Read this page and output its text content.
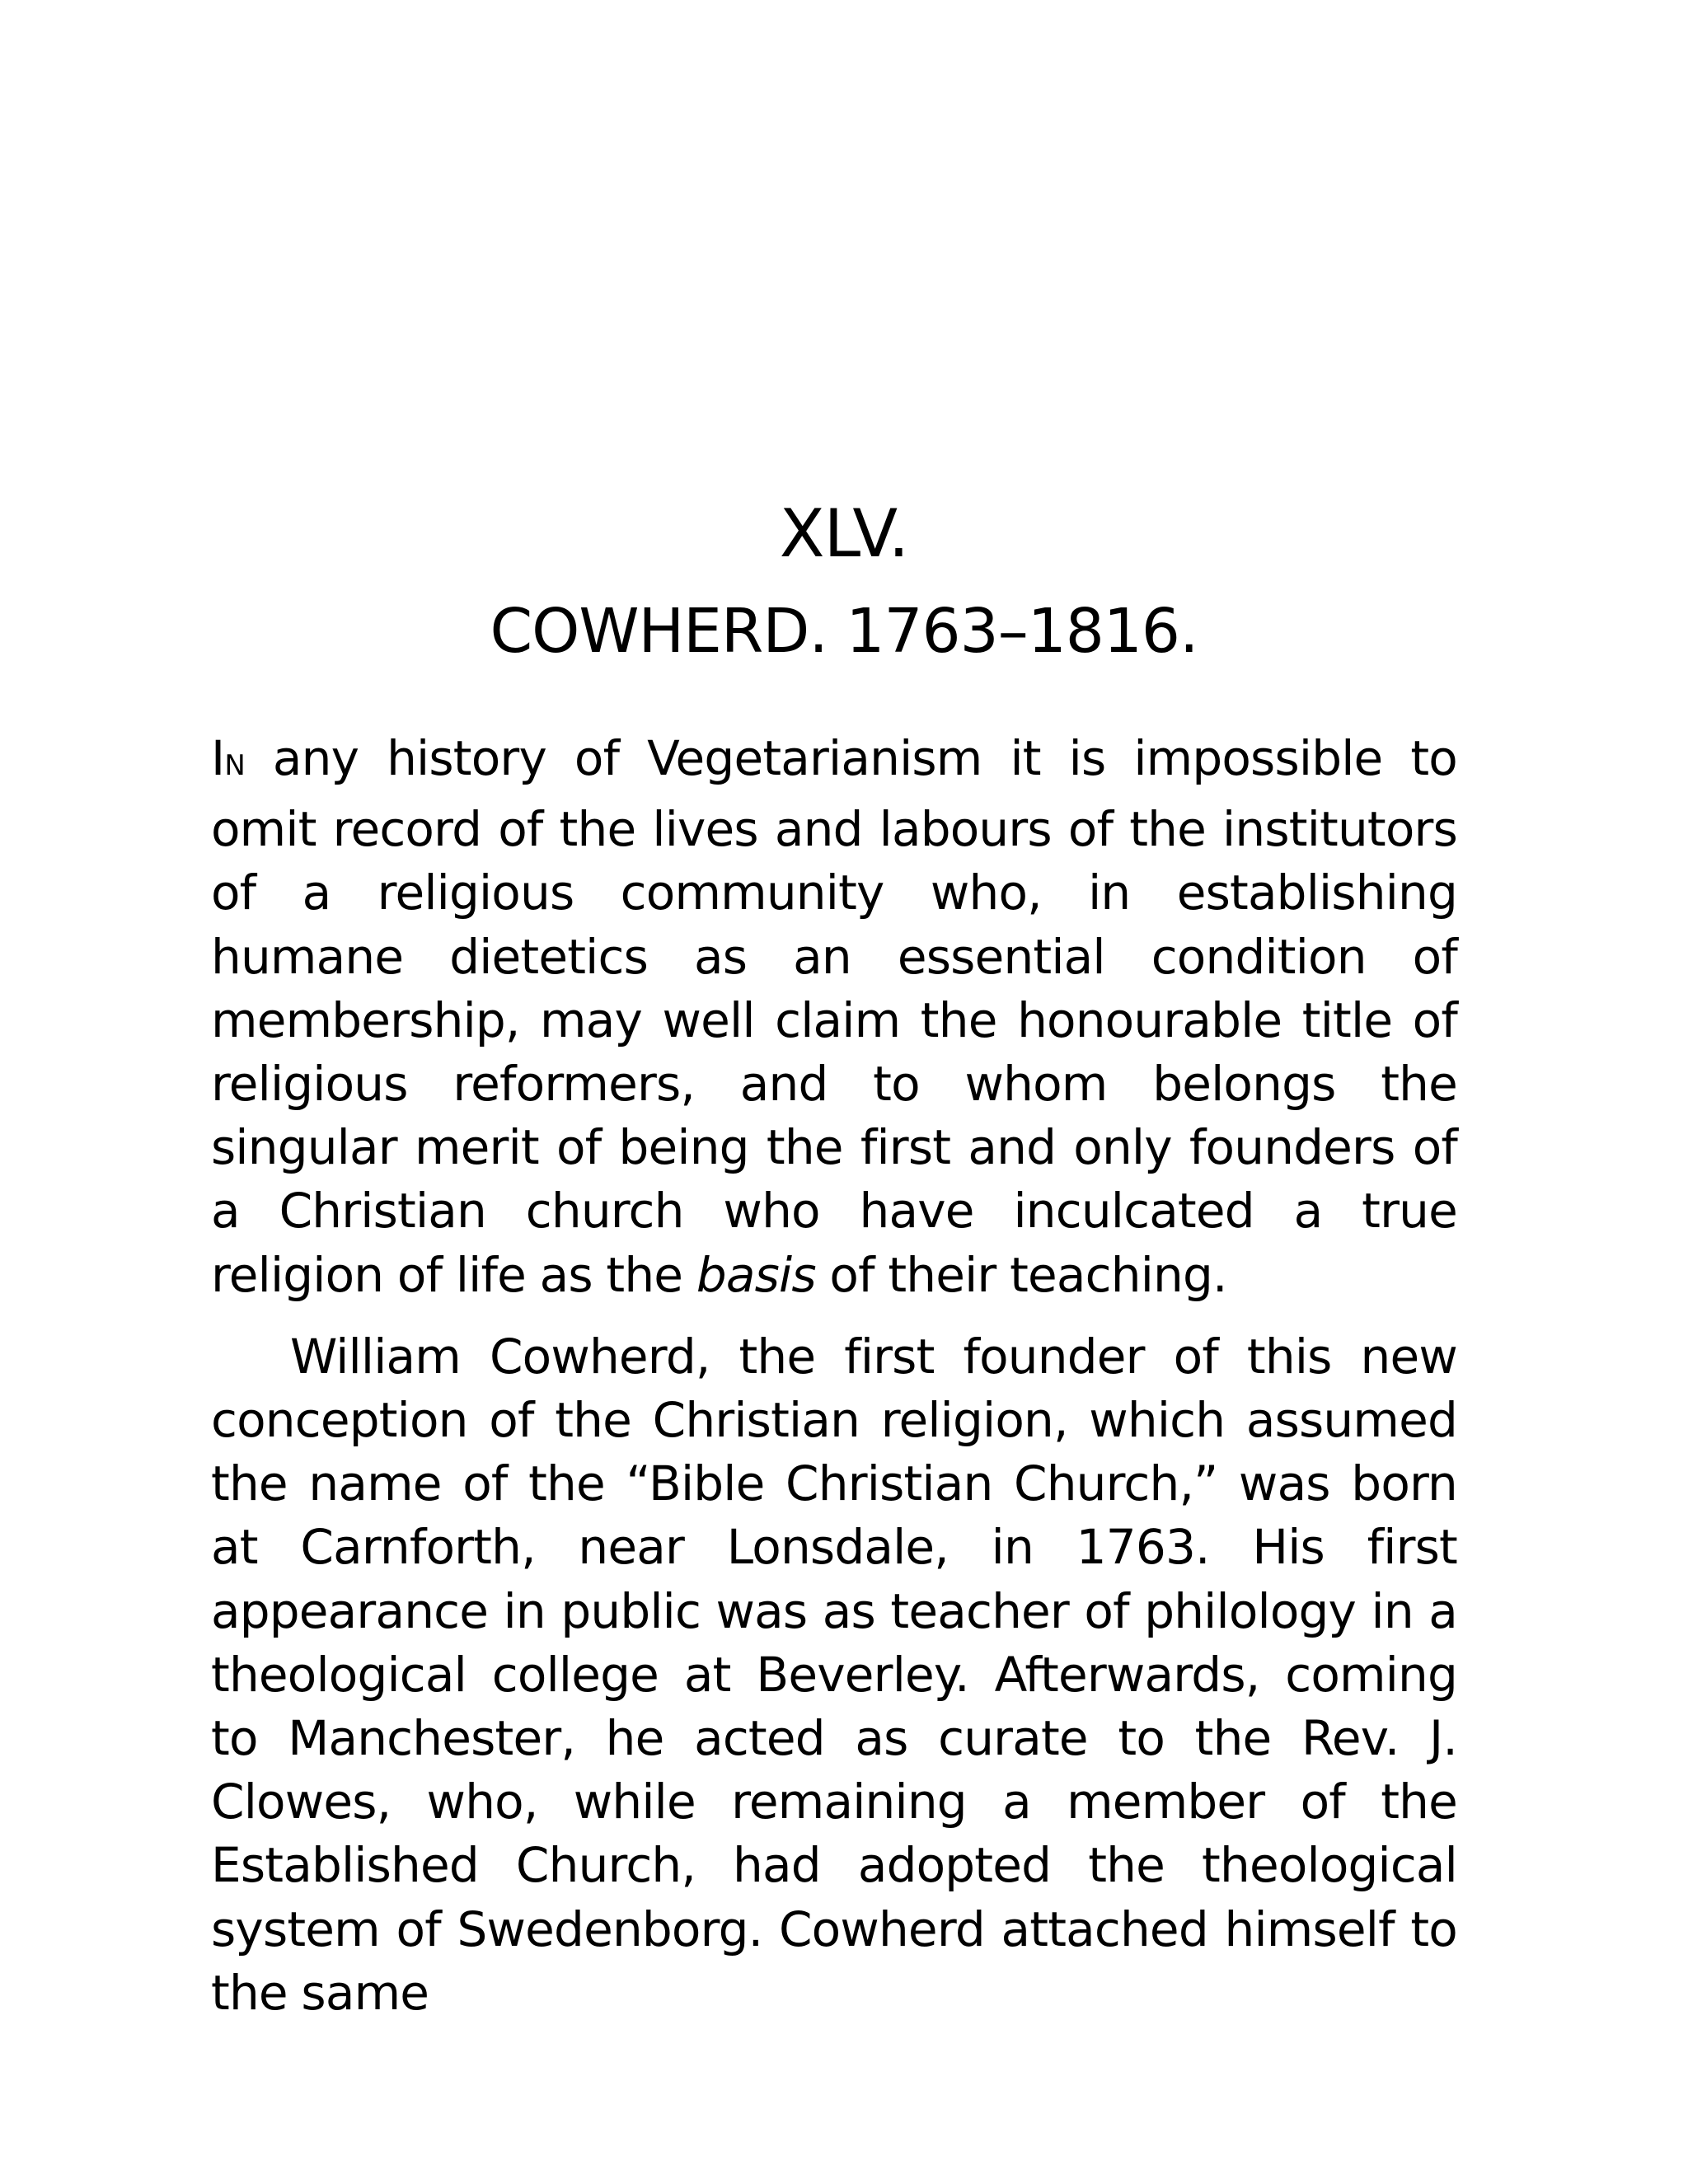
XLV.
COWHERD. 1763–1816.

IN any history of Vegetarianism it is impossible to omit record of the lives and labours of the institutors of a religious community who, in establishing humane dietetics as an essential condition of membership, may well claim the honourable title of religious reformers, and to whom belongs the singular merit of being the first and only founders of a Christian church who have inculcated a true religion of life as the basis of their teaching.

William Cowherd, the first founder of this new conception of the Christian religion, which assumed the name of the “Bible Christian Church,” was born at Carnforth, near Lonsdale, in 1763. His first appearance in public was as teacher of philology in a theological college at Beverley. Afterwards, coming to Manchester, he acted as curate to the Rev. J. Clowes, who, while remaining a member of the Established Church, had adopted the theological system of Swedenborg. Cowherd attached himself to the same
